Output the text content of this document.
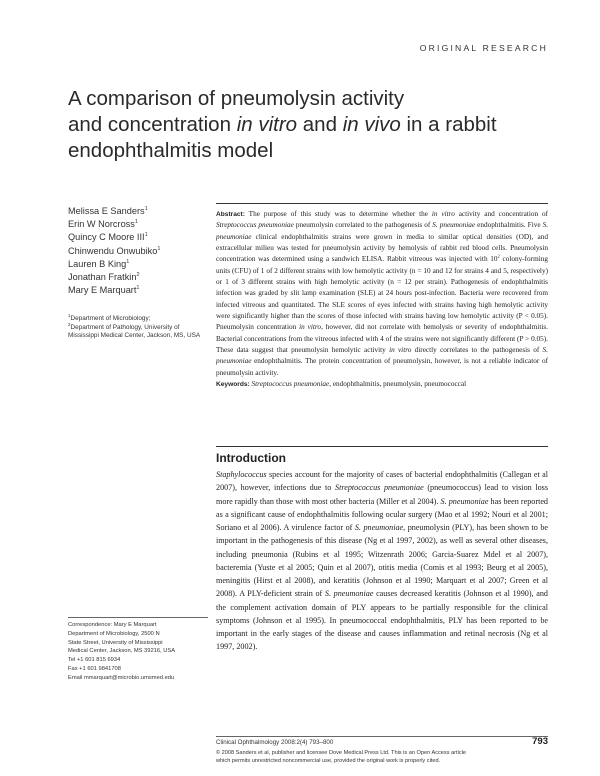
ORIGINAL RESEARCH
A comparison of pneumolysin activity
and concentration in vitro and in vivo in a rabbit
endophthalmitis model
Melissa E Sanders$^1$
Erin W Norcross$^1$
Quincy C Moore III$^1$
Chinwendu Onwubiko$^1$
Lauren B King$^1$
Jonathan Fratkin$^2$
Mary E Marquart$^1$
$^1$Department of Microbiology;
$^2$Department of Pathology, University of Mississippi Medical Center, Jackson, MS, USA
Abstract: The purpose of this study was to determine whether the in vitro activity and concentration of Streptococcus pneumoniae pneumolysin correlated to the pathogenesis of S. pneumoniae endophthalmitis. Five S. pneumoniae clinical endophthalmitis strains were grown in media to similar optical densities (OD), and extracellular milieu was tested for pneumolysin activity by hemolysis of rabbit red blood cells. Pneumolysin concentration was determined using a sandwich ELISA. Rabbit vitreous was injected with $10^2$ colony-forming units (CFU) of 1 of 2 different strains with low hemolytic activity (n = 10 and 12 for strains 4 and 5, respectively) or 1 of 3 different strains with high hemolytic activity (n = 12 per strain). Pathogenesis of endophthalmitis infection was graded by slit lamp examination (SLE) at 24 hours post-infection. Bacteria were recovered from infected vitreous and quantitated. The SLE scores of eyes infected with strains having high hemolytic activity were significantly higher than the scores of those infected with strains having low hemolytic activity (P < 0.05). Pneumolysin concentration in vitro, however, did not correlate with hemolysis or severity of endophthalmitis. Bacterial concentrations from the vitreous infected with 4 of the strains were not significantly different (P > 0.05). These data suggest that pneumolysin hemolytic activity in vitro directly correlates to the pathogenesis of S. pneumoniae endophthalmitis. The protein concentration of pneumolysin, however, is not a reliable indicator of pneumolysin activity.
Keywords: Streptococcus pneumoniae, endophthalmitis, pneumolysin, pneumococcal
Introduction
Staphylococcus species account for the majority of cases of bacterial endophthalmitis (Callegan et al 2007), however, infections due to Streptococcus pneumoniae (pneumococcus) lead to vision loss more rapidly than those with most other bacteria (Miller et al 2004). S. pneumoniae has been reported as a significant cause of endophthalmitis following ocular surgery (Mao et al 1992; Nouri et al 2001; Soriano et al 2006). A virulence factor of S. pneumoniae, pneumolysin (PLY), has been shown to be important in the pathogenesis of this disease (Ng et al 1997, 2002), as well as several other diseases, including pneumonia (Rubins et al 1995; Witzenrath 2006; Garcia-Suarez Mdel et al 2007), bacteremia (Yuste et al 2005; Quin et al 2007), otitis media (Comis et al 1993; Beurg et al 2005), meningitis (Hirst et al 2008), and keratitis (Johnson et al 1990; Marquart et al 2007; Green et al 2008). A PLY-deficient strain of S. pneumoniae causes decreased keratitis (Johnson et al 1990), and the complement activation domain of PLY appears to be partially responsible for the clinical symptoms (Johnson et al 1995). In pneumococcal endophthalmitis, PLY has been reported to be important in the early stages of the disease and causes inflammation and retinal necrosis (Ng et al 1997, 2002).
Correspondence: Mary E Marquart
Department of Microbiology, 2500 N
State Street, University of Mississippi
Medical Center, Jackson, MS 39216, USA
Tel +1 601 815 6934
Fax +1 601 9841708
Email mmarquart@microbio.umsmed.edu
Clinical Ophthalmology 2008:2(4) 793–800	793
© 2008 Sanders et al, publisher and licensee Dove Medical Press Ltd. This is an Open Access article
which permits unrestricted noncommercial use, provided the original work is properly cited.
